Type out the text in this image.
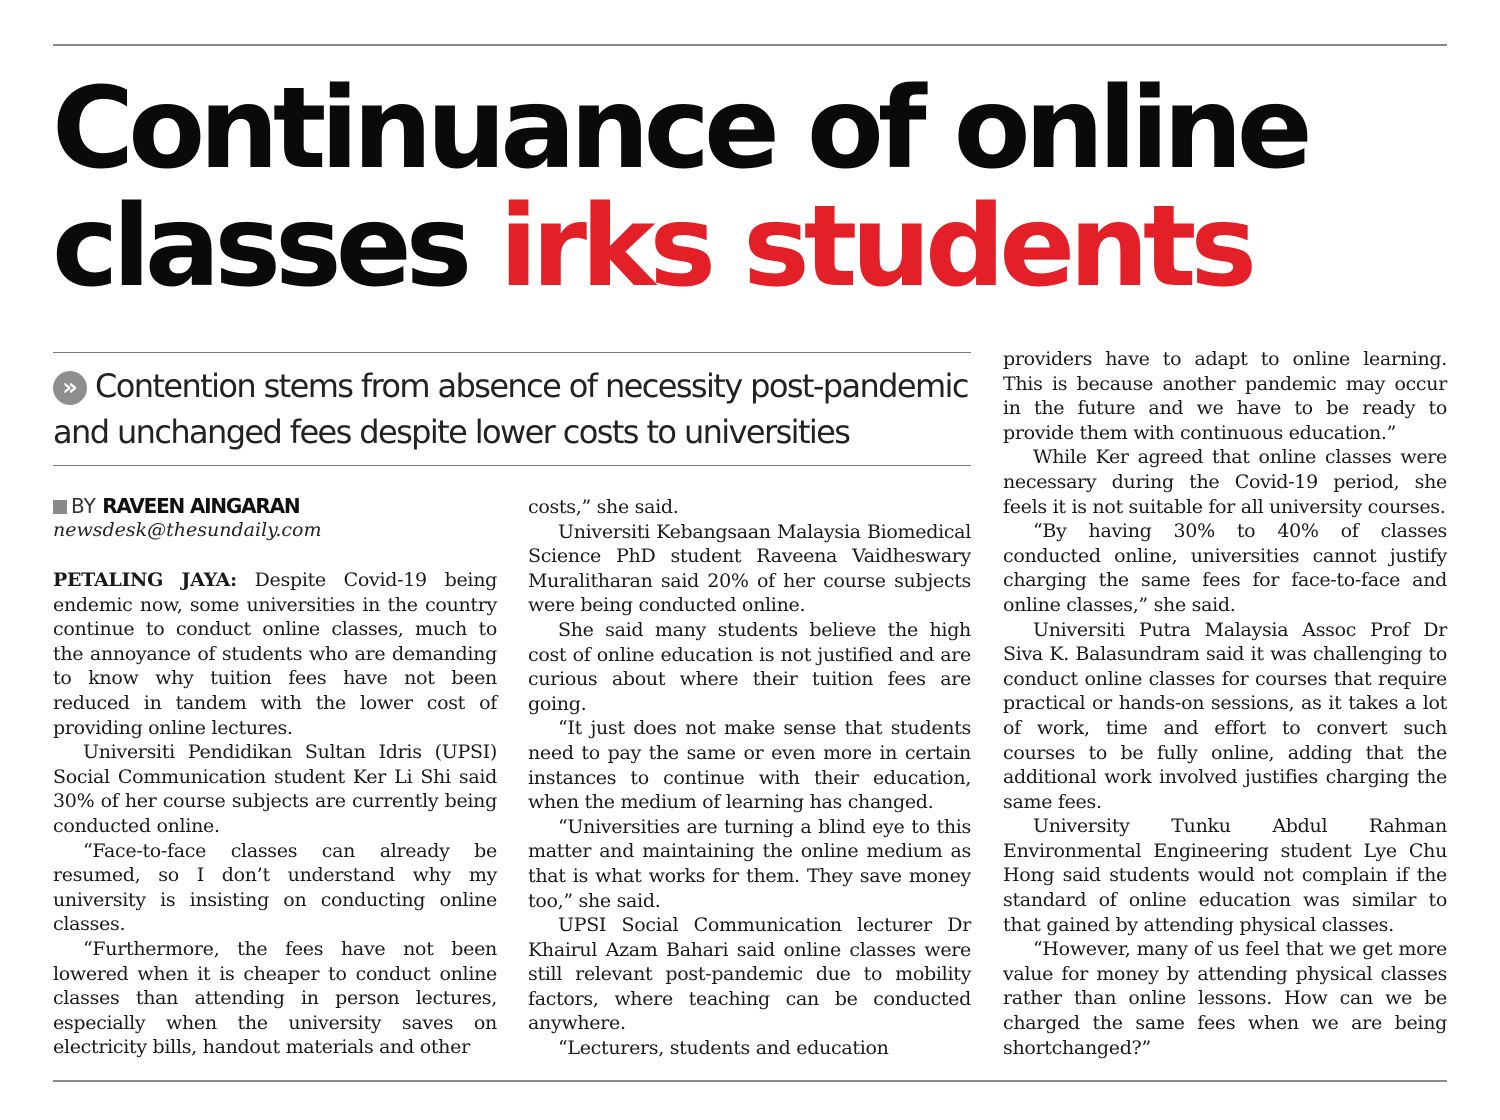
Continuance of online
classes irks students
» Contention stems from absence of necessity post-pandemic and unchanged fees despite lower costs to universities

BY RAVEEN AINGARAN
newsdesk@thesundaily.com

PETALING JAYA: Despite Covid-19 being endemic now, some universities in the country continue to conduct online classes, much to the annoyance of students who are demanding to know why tuition fees have not been reduced in tandem with the lower cost of providing online lectures.

Universiti Pendidikan Sultan Idris (UPSI) Social Communication student Ker Li Shi said 30% of her course subjects are currently being conducted online.

“Face-to-face classes can already be resumed, so I don’t understand why my university is insisting on conducting online classes.

“Furthermore, the fees have not been lowered when it is cheaper to conduct online classes than attending in person lectures, especially when the university saves on electricity bills, handout materials and other

costs,” she said.

Universiti Kebangsaan Malaysia Biomedical Science PhD student Raveena Vaidheswary Muralitharan said 20% of her course subjects were being conducted online.

She said many students believe the high cost of online education is not justified and are curious about where their tuition fees are going.

“It just does not make sense that students need to pay the same or even more in certain instances to continue with their education, when the medium of learning has changed.

“Universities are turning a blind eye to this matter and maintaining the online medium as that is what works for them. They save money too,” she said.

UPSI Social Communication lecturer Dr Khairul Azam Bahari said online classes were still relevant post-pandemic due to mobility factors, where teaching can be conducted anywhere.

“Lecturers, students and education

providers have to adapt to online learning. This is because another pandemic may occur in the future and we have to be ready to provide them with continuous education.”

While Ker agreed that online classes were necessary during the Covid-19 period, she feels it is not suitable for all university courses.

“By having 30% to 40% of classes conducted online, universities cannot justify charging the same fees for face-to-face and online classes,” she said.

Universiti Putra Malaysia Assoc Prof Dr Siva K. Balasundram said it was challenging to conduct online classes for courses that require practical or hands-on sessions, as it takes a lot of work, time and effort to convert such courses to be fully online, adding that the additional work involved justifies charging the same fees.

University Tunku Abdul Rahman Environmental Engineering student Lye Chu Hong said students would not complain if the standard of online education was similar to that gained by attending physical classes.

“However, many of us feel that we get more value for money by attending physical classes rather than online lessons. How can we be charged the same fees when we are being shortchanged?”
